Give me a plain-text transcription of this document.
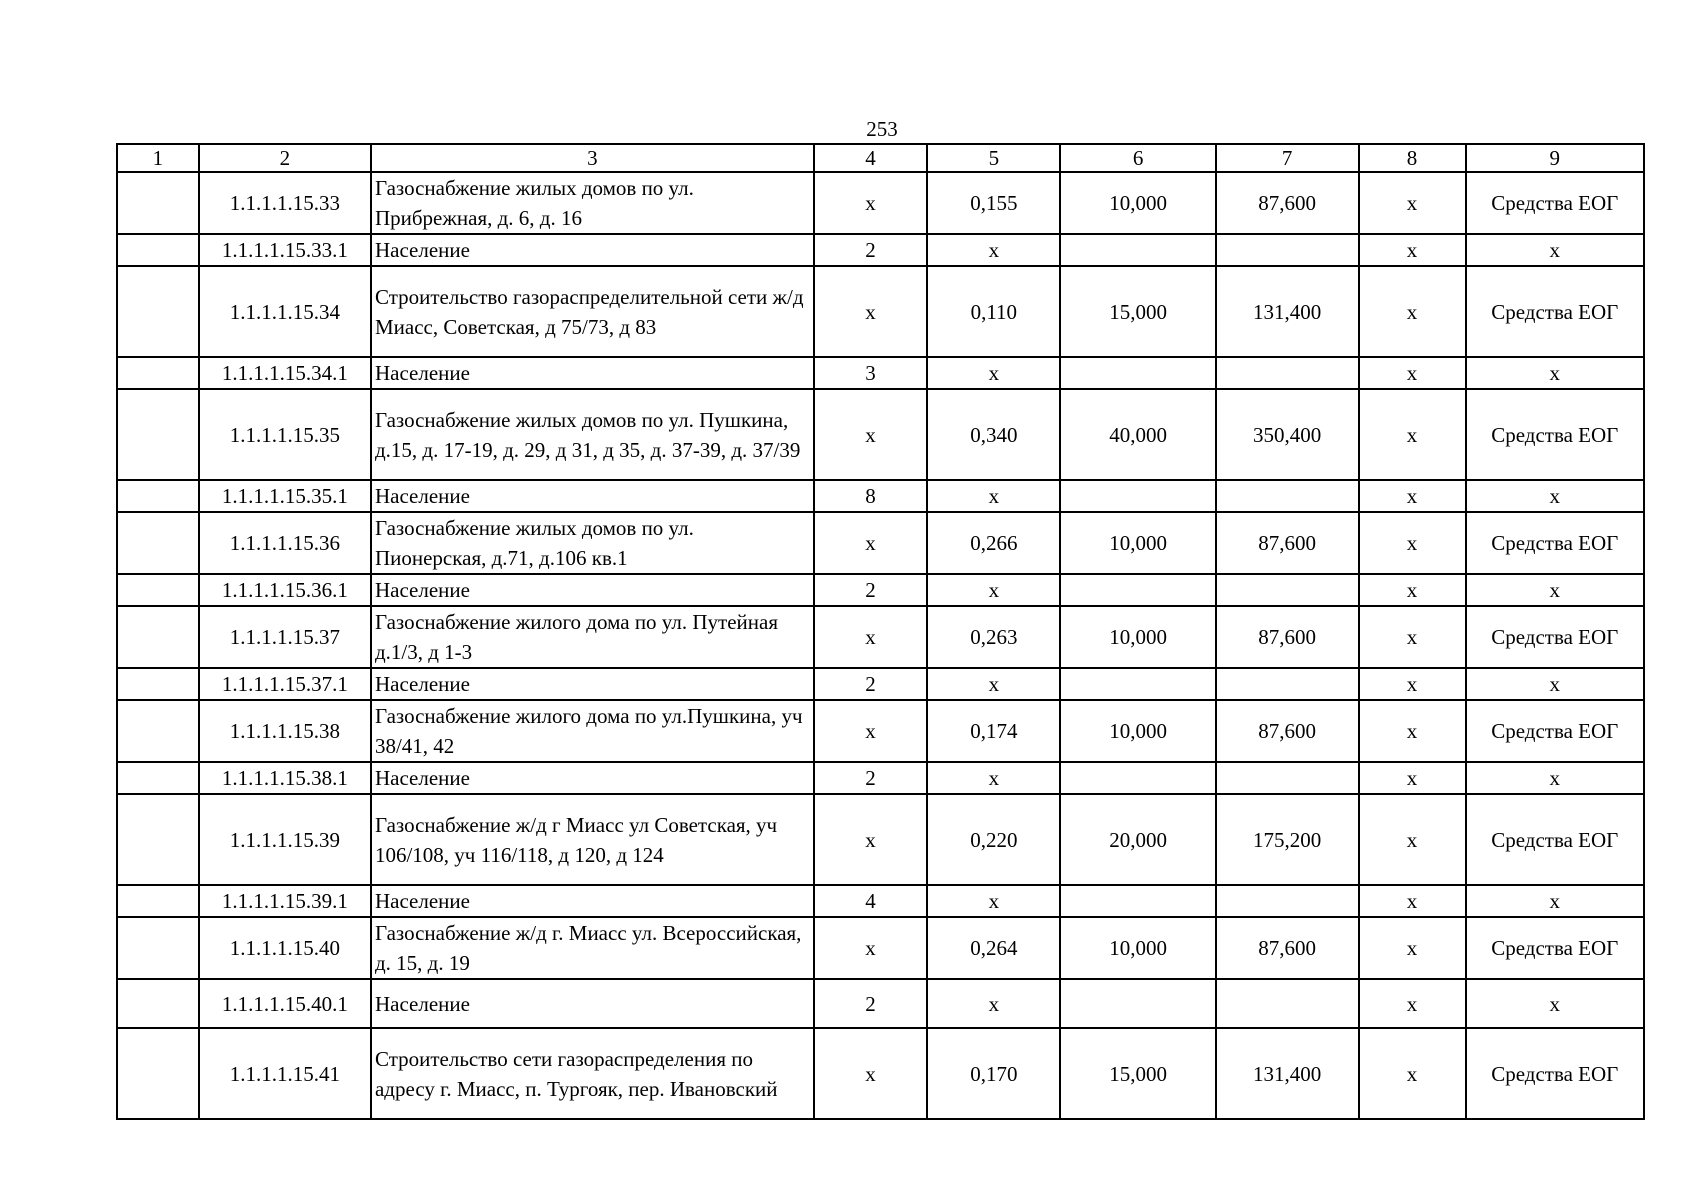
253
1	2	3	4	5	6	7	8	9
	1.1.1.1.15.33	Газоснабжение жилых домов по ул. Прибрежная, д. 6, д. 16	х	0,155	10,000	87,600	х	Средства ЕОГ
	1.1.1.1.15.33.1	Население	2	х			х	х
	1.1.1.1.15.34	Строительство газораспределительной сети ж/д Миасс, Советская, д 75/73, д 83	х	0,110	15,000	131,400	х	Средства ЕОГ
	1.1.1.1.15.34.1	Население	3	х			х	х
	1.1.1.1.15.35	Газоснабжение жилых домов по ул. Пушкина, д.15, д. 17-19, д. 29, д 31, д 35, д. 37-39, д. 37/39	х	0,340	40,000	350,400	х	Средства ЕОГ
	1.1.1.1.15.35.1	Население	8	х			х	х
	1.1.1.1.15.36	Газоснабжение жилых домов по ул. Пионерская, д.71, д.106 кв.1	х	0,266	10,000	87,600	х	Средства ЕОГ
	1.1.1.1.15.36.1	Население	2	х			х	х
	1.1.1.1.15.37	Газоснабжение жилого дома по ул. Путейная д.1/3, д 1-3	х	0,263	10,000	87,600	х	Средства ЕОГ
	1.1.1.1.15.37.1	Население	2	х			х	х
	1.1.1.1.15.38	Газоснабжение жилого дома по ул.Пушкина, уч 38/41, 42	х	0,174	10,000	87,600	х	Средства ЕОГ
	1.1.1.1.15.38.1	Население	2	х			х	х
	1.1.1.1.15.39	Газоснабжение ж/д г Миасс ул Советская, уч 106/108, уч 116/118, д 120, д 124	х	0,220	20,000	175,200	х	Средства ЕОГ
	1.1.1.1.15.39.1	Население	4	х			х	х
	1.1.1.1.15.40	Газоснабжение ж/д г. Миасс ул. Всероссийская, д. 15, д. 19	х	0,264	10,000	87,600	х	Средства ЕОГ
	1.1.1.1.15.40.1	Население	2	х			х	х
	1.1.1.1.15.41	Строительство сети газораспределения по адресу г. Миасс, п. Тургояк, пер. Ивановский	х	0,170	15,000	131,400	х	Средства ЕОГ
